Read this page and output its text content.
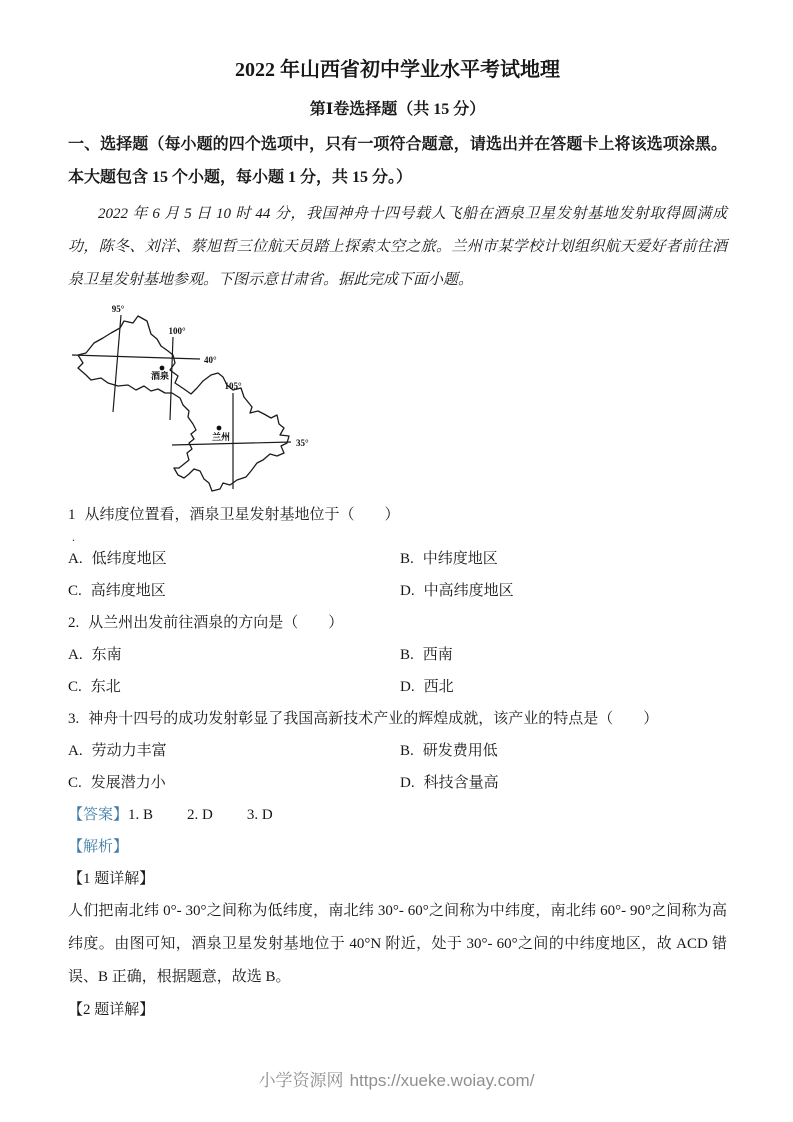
2022 年山西省初中学业水平考试地理
第Ⅰ卷选择题（共 15 分）
一、选择题（每小题的四个选项中，只有一项符合题意，请选出并在答题卡上将该选项涂黑。本大题包含 15 个小题，每小题 1 分，共 15 分。）

2022 年 6 月 5 日 10 时 44 分，我国神舟十四号载人飞船在酒泉卫星发射基地发射取得圆满成功，陈冬、刘洋、蔡旭哲三位航天员踏上探索太空之旅。兰州市某学校计划组织航天爱好者前往酒泉卫星发射基地参观。下图示意甘肃省。据此完成下面小题。

95°
100°
40°
105°
35°
酒泉
兰州
1 从纬度位置看，酒泉卫星发射基地位于（　　）
.
A. 低纬度地区	B. 中纬度地区
C. 高纬度地区	D. 中高纬度地区
2. 从兰州出发前往酒泉的方向是（　　）
A. 东南	B. 西南
C. 东北	D. 西北
3. 神舟十四号的成功发射彰显了我国高新技术产业的辉煌成就，该产业的特点是（　　）
A. 劳动力丰富	B. 研发费用低
C. 发展潜力小	D. 科技含量高
【答案】1. B 2. D 3. D
【解析】
【1 题详解】

人们把南北纬 0°- 30°之间称为低纬度，南北纬 30°- 60°之间称为中纬度，南北纬 60°- 90°之间称为高纬度。由图可知，酒泉卫星发射基地位于 40°N 附近，处于 30°- 60°之间的中纬度地区，故 ACD 错误、B 正确，根据题意，故选 B。

【2 题详解】
小学资源网 https://xueke.woiay.com/
